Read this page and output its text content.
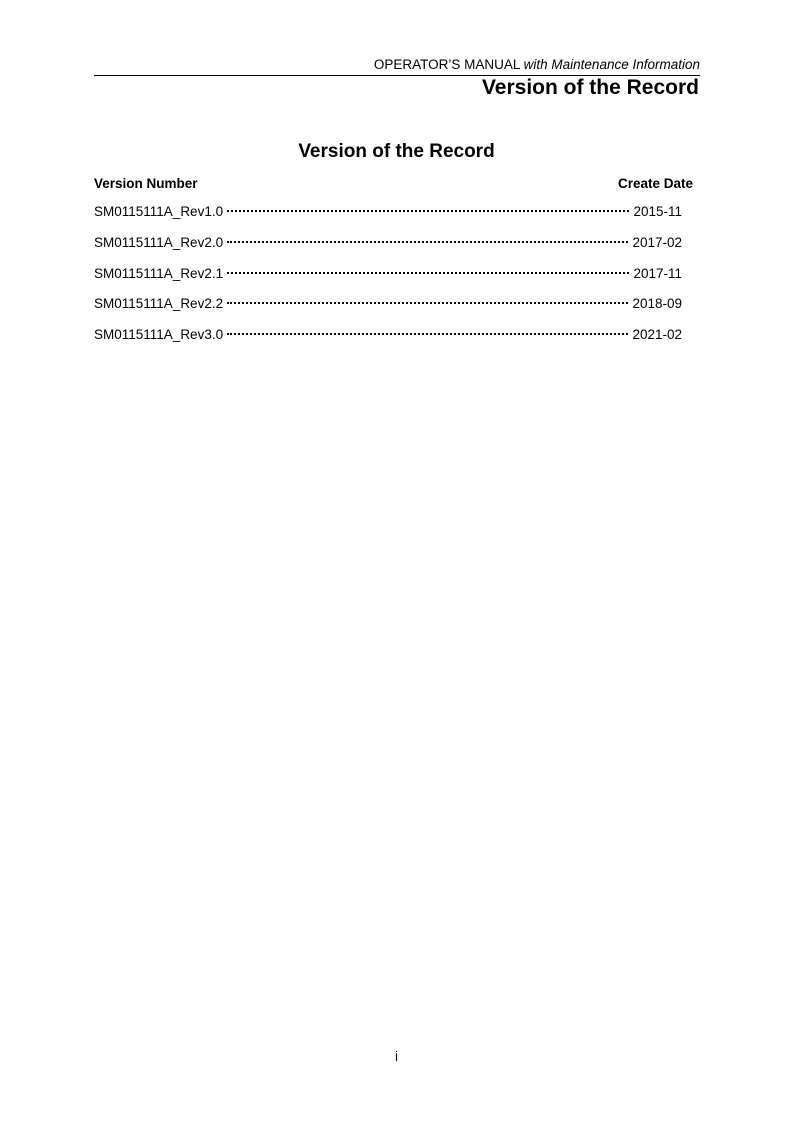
OPERATOR’S MANUAL with Maintenance Information
Version of the Record
Version of the Record
Version Number	Create Date
SM0115111A_Rev1.0	2015-11
SM0115111A_Rev2.0	2017-02
SM0115111A_Rev2.1	2017-11
SM0115111A_Rev2.2	2018-09
SM0115111A_Rev3.0	2021-02
i
